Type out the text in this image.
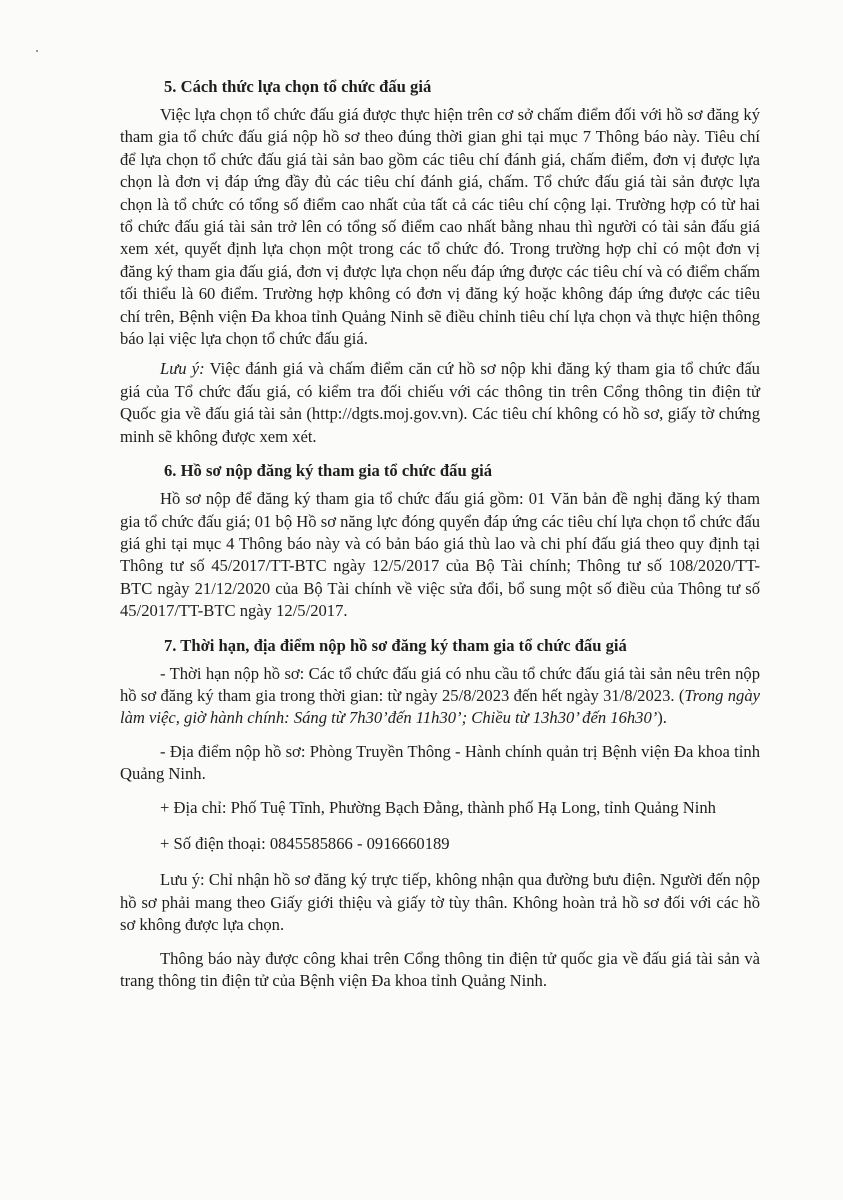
5. Cách thức lựa chọn tổ chức đấu giá

Việc lựa chọn tổ chức đấu giá được thực hiện trên cơ sở chấm điểm đối với hồ sơ đăng ký tham gia tổ chức đấu giá nộp hồ sơ theo đúng thời gian ghi tại mục 7 Thông báo này. Tiêu chí để lựa chọn tổ chức đấu giá tài sản bao gồm các tiêu chí đánh giá, chấm điểm, đơn vị được lựa chọn là đơn vị đáp ứng đầy đủ các tiêu chí đánh giá, chấm. Tổ chức đấu giá tài sản được lựa chọn là tổ chức có tổng số điểm cao nhất của tất cả các tiêu chí cộng lại. Trường hợp có từ hai tổ chức đấu giá tài sản trở lên có tổng số điểm cao nhất bằng nhau thì người có tài sản đấu giá xem xét, quyết định lựa chọn một trong các tổ chức đó. Trong trường hợp chỉ có một đơn vị đăng ký tham gia đấu giá, đơn vị được lựa chọn nếu đáp ứng được các tiêu chí và có điểm chấm tối thiểu là 60 điểm. Trường hợp không có đơn vị đăng ký hoặc không đáp ứng được các tiêu chí trên, Bệnh viện Đa khoa tỉnh Quảng Ninh sẽ điều chỉnh tiêu chí lựa chọn và thực hiện thông báo lại việc lựa chọn tổ chức đấu giá.

Lưu ý: Việc đánh giá và chấm điểm căn cứ hồ sơ nộp khi đăng ký tham gia tổ chức đấu giá của Tổ chức đấu giá, có kiểm tra đối chiếu với các thông tin trên Cổng thông tin điện tử Quốc gia về đấu giá tài sản (http://dgts.moj.gov.vn). Các tiêu chí không có hồ sơ, giấy tờ chứng minh sẽ không được xem xét.

6. Hồ sơ nộp đăng ký tham gia tổ chức đấu giá

Hồ sơ nộp để đăng ký tham gia tổ chức đấu giá gồm: 01 Văn bản đề nghị đăng ký tham gia tổ chức đấu giá; 01 bộ Hồ sơ năng lực đóng quyển đáp ứng các tiêu chí lựa chọn tổ chức đấu giá ghi tại mục 4 Thông báo này và có bản báo giá thù lao và chi phí đấu giá theo quy định tại Thông tư số 45/2017/TT-BTC ngày 12/5/2017 của Bộ Tài chính; Thông tư số 108/2020/TT-BTC ngày 21/12/2020 của Bộ Tài chính về việc sửa đổi, bổ sung một số điều của Thông tư số 45/2017/TT-BTC ngày 12/5/2017.

7. Thời hạn, địa điểm nộp hồ sơ đăng ký tham gia tổ chức đấu giá

- Thời hạn nộp hồ sơ: Các tổ chức đấu giá có nhu cầu tổ chức đấu giá tài sản nêu trên nộp hồ sơ đăng ký tham gia trong thời gian: từ ngày 25/8/2023 đến hết ngày 31/8/2023. (Trong ngày làm việc, giờ hành chính: Sáng từ 7h30’đến 11h30’; Chiều từ 13h30’ đến 16h30’).

- Địa điểm nộp hồ sơ: Phòng Truyền Thông - Hành chính quản trị Bệnh viện Đa khoa tỉnh Quảng Ninh.

+ Địa chỉ: Phố Tuệ Tĩnh, Phường Bạch Đằng, thành phố Hạ Long, tỉnh Quảng Ninh

+ Số điện thoại: 0845585866 - 0916660189

Lưu ý: Chỉ nhận hồ sơ đăng ký trực tiếp, không nhận qua đường bưu điện. Người đến nộp hồ sơ phải mang theo Giấy giới thiệu và giấy tờ tùy thân. Không hoàn trả hồ sơ đối với các hồ sơ không được lựa chọn.

Thông báo này được công khai trên Cổng thông tin điện tử quốc gia về đấu giá tài sản và trang thông tin điện tử của Bệnh viện Đa khoa tỉnh Quảng Ninh.
